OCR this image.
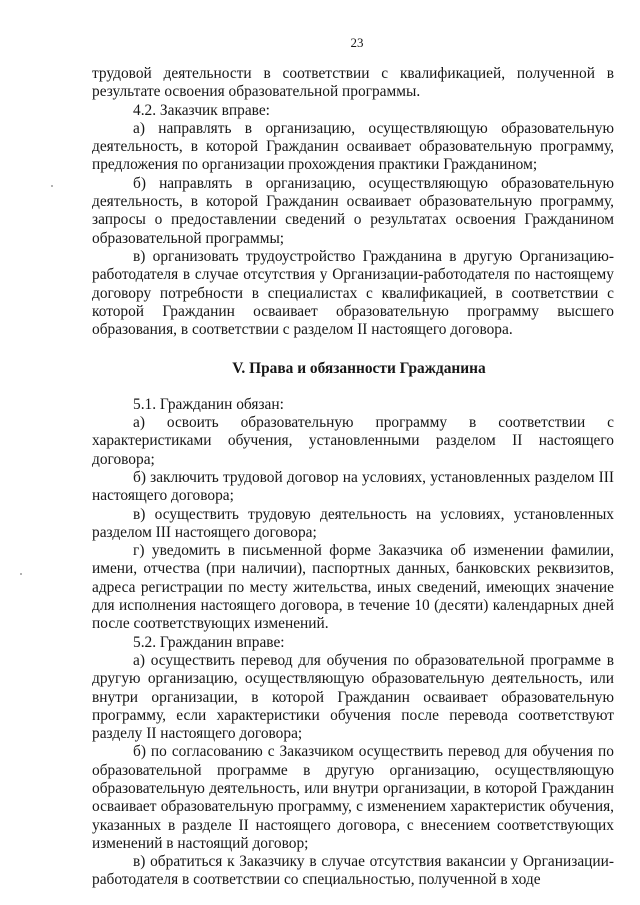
23

трудовой деятельности в соответствии с квалификацией, полученной в результате освоения образовательной программы.

4.2. Заказчик вправе:

а) направлять в организацию, осуществляющую образовательную деятельность, в которой Гражданин осваивает образовательную программу, предложения по организации прохождения практики Гражданином;

б) направлять в организацию, осуществляющую образовательную деятельность, в которой Гражданин осваивает образовательную программу, запросы о предоставлении сведений о результатах освоения Гражданином образовательной программы;

в) организовать трудоустройство Гражданина в другую Организацию-работодателя в случае отсутствия у Организации-работодателя по настоящему договору потребности в специалистах с квалификацией, в соответствии с которой Гражданин осваивает образовательную программу высшего образования, в соответствии с разделом II настоящего договора.

V. Права и обязанности Гражданина

5.1. Гражданин обязан:

а) освоить образовательную программу в соответствии с характеристиками обучения, установленными разделом II настоящего договора;

б) заключить трудовой договор на условиях, установленных разделом III настоящего договора;

в) осуществить трудовую деятельность на условиях, установленных разделом III настоящего договора;

г) уведомить в письменной форме Заказчика об изменении фамилии, имени, отчества (при наличии), паспортных данных, банковских реквизитов, адреса регистрации по месту жительства, иных сведений, имеющих значение для исполнения настоящего договора, в течение 10 (десяти) календарных дней после соответствующих изменений.

5.2. Гражданин вправе:

а) осуществить перевод для обучения по образовательной программе в другую организацию, осуществляющую образовательную деятельность, или внутри организации, в которой Гражданин осваивает образовательную программу, если характеристики обучения после перевода соответствуют разделу II настоящего договора;

б) по согласованию с Заказчиком осуществить перевод для обучения по образовательной программе в другую организацию, осуществляющую образовательную деятельность, или внутри организации, в которой Гражданин осваивает образовательную программу, с изменением характеристик обучения, указанных в разделе II настоящего договора, с внесением соответствующих изменений в настоящий договор;

в) обратиться к Заказчику в случае отсутствия вакансии у Организации-работодателя в соответствии со специальностью, полученной в ходе
